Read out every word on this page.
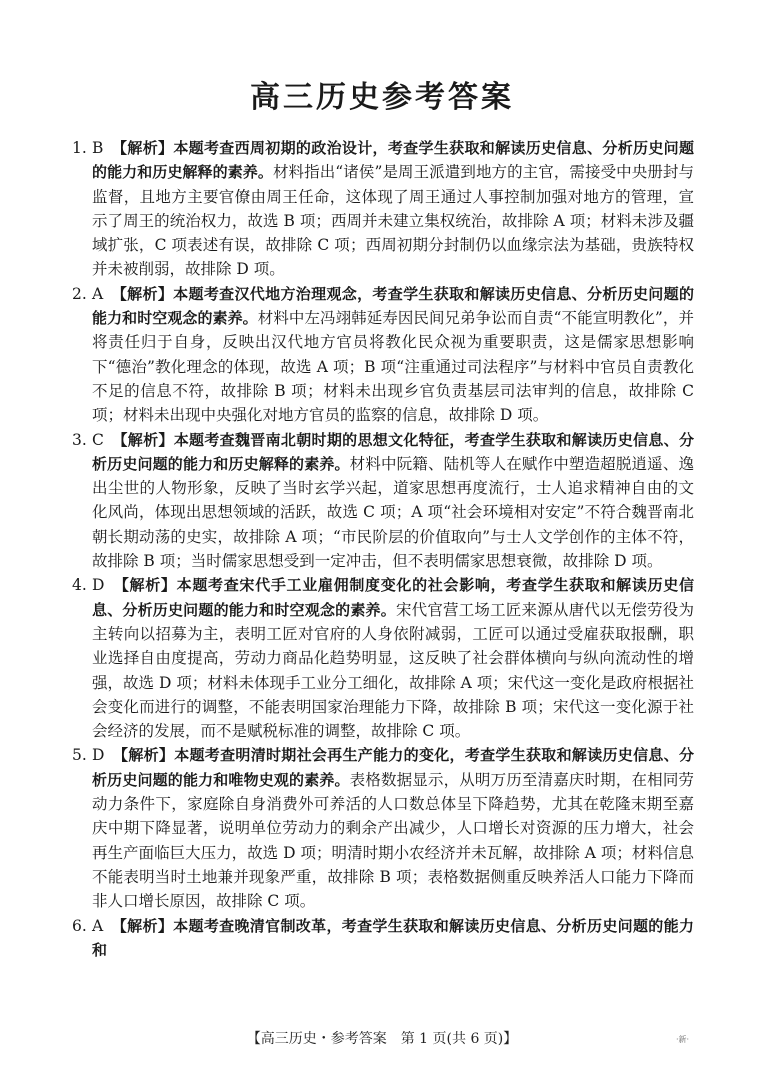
高三历史参考答案

1. B　 【解析】本题考查西周初期的政治设计，考查学生获取和解读历史信息、分析历史问题的能力和历史解释的素养。材料指出“诸侯”是周王派遣到地方的主官，需接受中央册封与监督，且地方主要官僚由周王任命，这体现了周王通过人事控制加强对地方的管理，宣示了周王的统治权力，故选 B 项；西周并未建立集权统治，故排除 A 项；材料未涉及疆域扩张，C 项表述有误，故排除 C 项；西周初期分封制仍以血缘宗法为基础，贵族特权并未被削弱，故排除 D 项。

2. A　 【解析】本题考查汉代地方治理观念，考查学生获取和解读历史信息、分析历史问题的能力和时空观念的素养。材料中左冯翊韩延寿因民间兄弟争讼而自责“不能宣明教化”，并将责任归于自身，反映出汉代地方官员将教化民众视为重要职责，这是儒家思想影响下“德治”教化理念的体现，故选 A 项；B 项“注重通过司法程序”与材料中官员自责教化不足的信息不符，故排除 B 项；材料未出现乡官负责基层司法审判的信息，故排除 C 项；材料未出现中央强化对地方官员的监察的信息，故排除 D 项。

3. C　 【解析】本题考查魏晋南北朝时期的思想文化特征，考查学生获取和解读历史信息、分析历史问题的能力和历史解释的素养。材料中阮籍、陆机等人在赋作中塑造超脱逍遥、逸出尘世的人物形象，反映了当时玄学兴起，道家思想再度流行，士人追求精神自由的文化风尚，体现出思想领域的活跃，故选 C 项；A 项“社会环境相对安定”不符合魏晋南北朝长期动荡的史实，故排除 A 项；“市民阶层的价值取向”与士人文学创作的主体不符，故排除 B 项；当时儒家思想受到一定冲击，但不表明儒家思想衰微，故排除 D 项。

4. D　 【解析】本题考查宋代手工业雇佣制度变化的社会影响，考查学生获取和解读历史信息、分析历史问题的能力和时空观念的素养。宋代官营工场工匠来源从唐代以无偿劳役为主转向以招募为主，表明工匠对官府的人身依附减弱，工匠可以通过受雇获取报酬，职业选择自由度提高，劳动力商品化趋势明显，这反映了社会群体横向与纵向流动性的增强，故选 D 项；材料未体现手工业分工细化，故排除 A 项；宋代这一变化是政府根据社会变化而进行的调整，不能表明国家治理能力下降，故排除 B 项；宋代这一变化源于社会经济的发展，而不是赋税标准的调整，故排除 C 项。

5. D　 【解析】本题考查明清时期社会再生产能力的变化，考查学生获取和解读历史信息、分析历史问题的能力和唯物史观的素养。表格数据显示，从明万历至清嘉庆时期，在相同劳动力条件下，家庭除自身消费外可养活的人口数总体呈下降趋势，尤其在乾隆末期至嘉庆中期下降显著，说明单位劳动力的剩余产出减少，人口增长对资源的压力增大，社会再生产面临巨大压力，故选 D 项；明清时期小农经济并未瓦解，故排除 A 项；材料信息不能表明当时土地兼并现象严重，故排除 B 项；表格数据侧重反映养活人口能力下降而非人口增长原因，故排除 C 项。

6. A　 【解析】本题考查晚清官制改革，考查学生获取和解读历史信息、分析历史问题的能力和

【高三历史・参考答案　第 1 页(共 6 页)】	·新·
